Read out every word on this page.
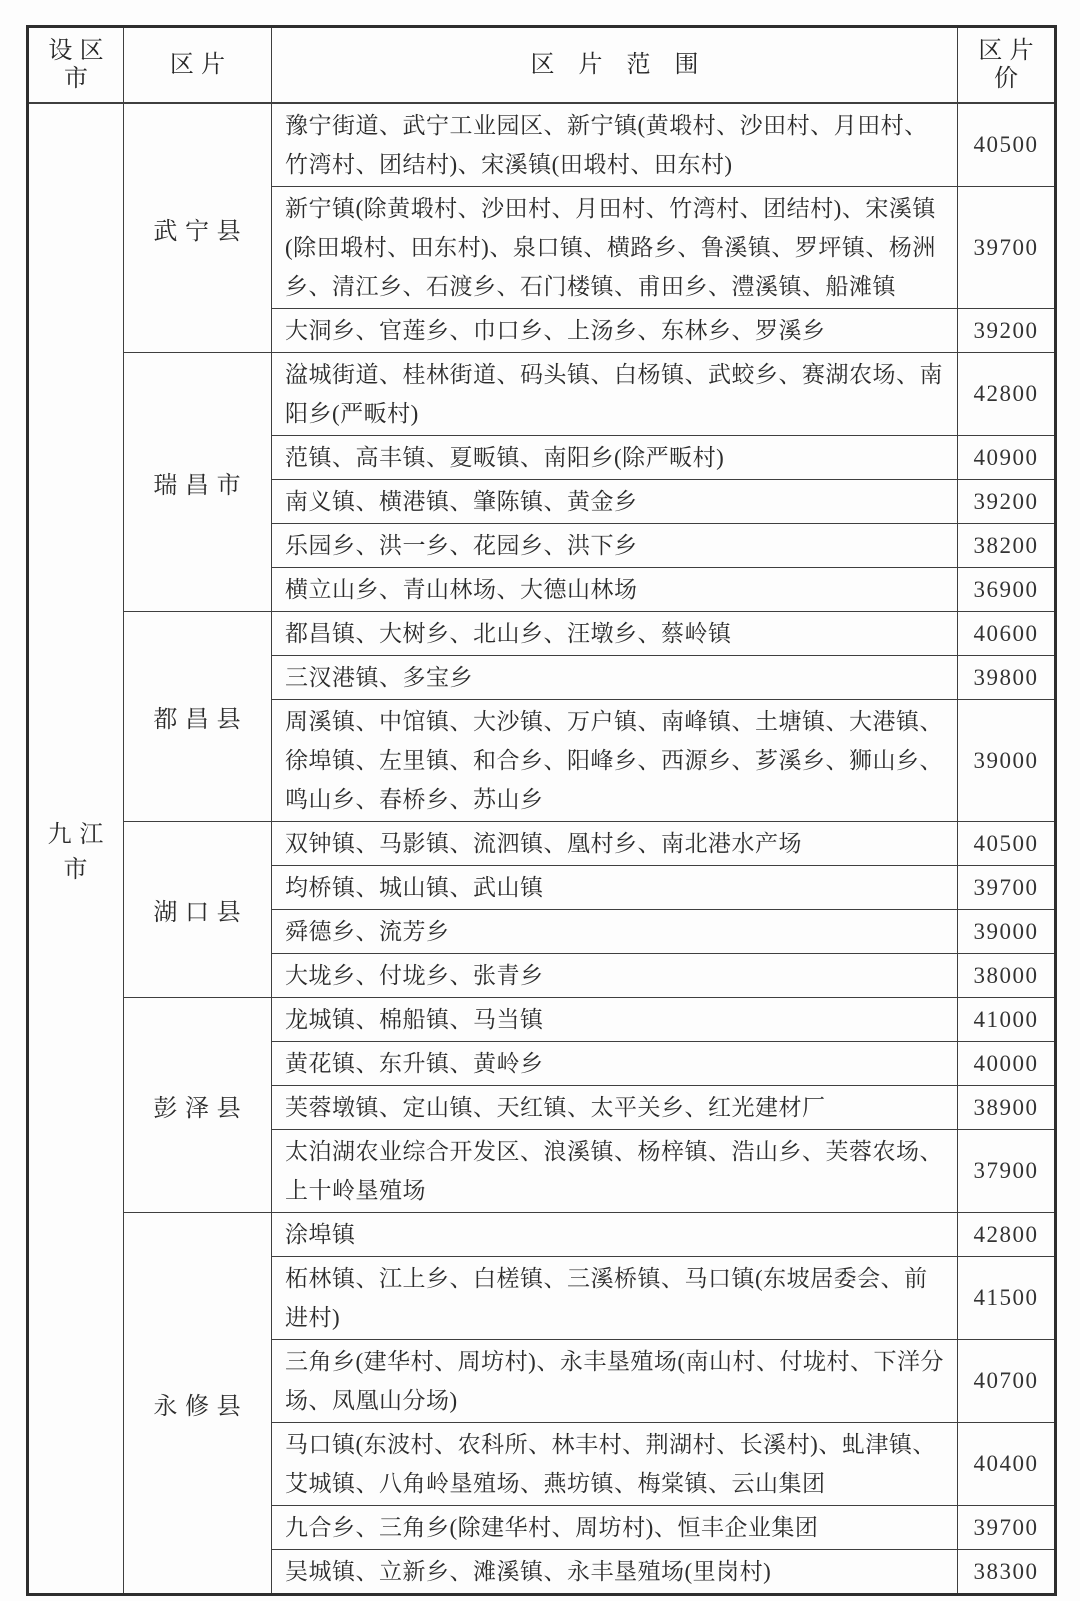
设区市	区片	区片范围	区片价
九江市	武宁县	豫宁街道、武宁工业园区、新宁镇(黄塅村、沙田村、月田村、竹湾村、团结村)、宋溪镇(田塅村、田东村)	40500
		新宁镇(除黄塅村、沙田村、月田村、竹湾村、团结村)、宋溪镇(除田塅村、田东村)、泉口镇、横路乡、鲁溪镇、罗坪镇、杨洲乡、清江乡、石渡乡、石门楼镇、甫田乡、澧溪镇、船滩镇	39700
		大洞乡、官莲乡、巾口乡、上汤乡、东林乡、罗溪乡	39200
	瑞昌市	湓城街道、桂林街道、码头镇、白杨镇、武蛟乡、赛湖农场、南阳乡(严畈村)	42800
		范镇、高丰镇、夏畈镇、南阳乡(除严畈村)	40900
		南义镇、横港镇、肇陈镇、黄金乡	39200
		乐园乡、洪一乡、花园乡、洪下乡	38200
		横立山乡、青山林场、大德山林场	36900
	都昌县	都昌镇、大树乡、北山乡、汪墩乡、蔡岭镇	40600
		三汊港镇、多宝乡	39800
		周溪镇、中馆镇、大沙镇、万户镇、南峰镇、土塘镇、大港镇、徐埠镇、左里镇、和合乡、阳峰乡、西源乡、芗溪乡、狮山乡、鸣山乡、春桥乡、苏山乡	39000
	湖口县	双钟镇、马影镇、流泗镇、凰村乡、南北港水产场	40500
		均桥镇、城山镇、武山镇	39700
		舜德乡、流芳乡	39000
		大垅乡、付垅乡、张青乡	38000
	彭泽县	龙城镇、棉船镇、马当镇	41000
		黄花镇、东升镇、黄岭乡	40000
		芙蓉墩镇、定山镇、天红镇、太平关乡、红光建材厂	38900
		太泊湖农业综合开发区、浪溪镇、杨梓镇、浩山乡、芙蓉农场、上十岭垦殖场	37900
	永修县	涂埠镇	42800
		柘林镇、江上乡、白槎镇、三溪桥镇、马口镇(东坡居委会、前进村)	41500
		三角乡(建华村、周坊村)、永丰垦殖场(南山村、付垅村、下洋分场、凤凰山分场)	40700
		马口镇(东波村、农科所、林丰村、荆湖村、长溪村)、虬津镇、艾城镇、八角岭垦殖场、燕坊镇、梅棠镇、云山集团	40400
		九合乡、三角乡(除建华村、周坊村)、恒丰企业集团	39700
		吴城镇、立新乡、滩溪镇、永丰垦殖场(里岗村)	38300
